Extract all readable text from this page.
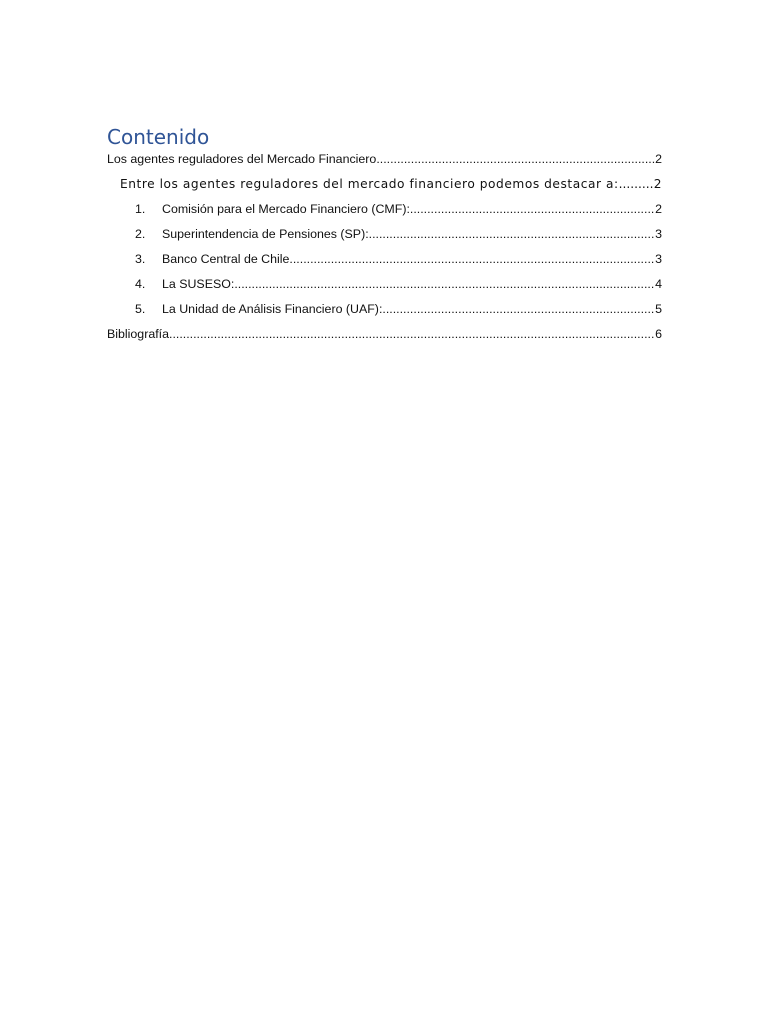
Contenido
Los agentes reguladores del Mercado Financiero .....	2
Entre los agentes reguladores del mercado financiero podemos destacar a: .....	2
1.	Comisión para el Mercado Financiero (CMF): .....	2
2.	Superintendencia de Pensiones (SP): .....	3
3.	Banco Central de Chile .....	3
4.	La SUSESO: .....	4
5.	La Unidad de Análisis Financiero (UAF): .....	5
Bibliografía .....	6
